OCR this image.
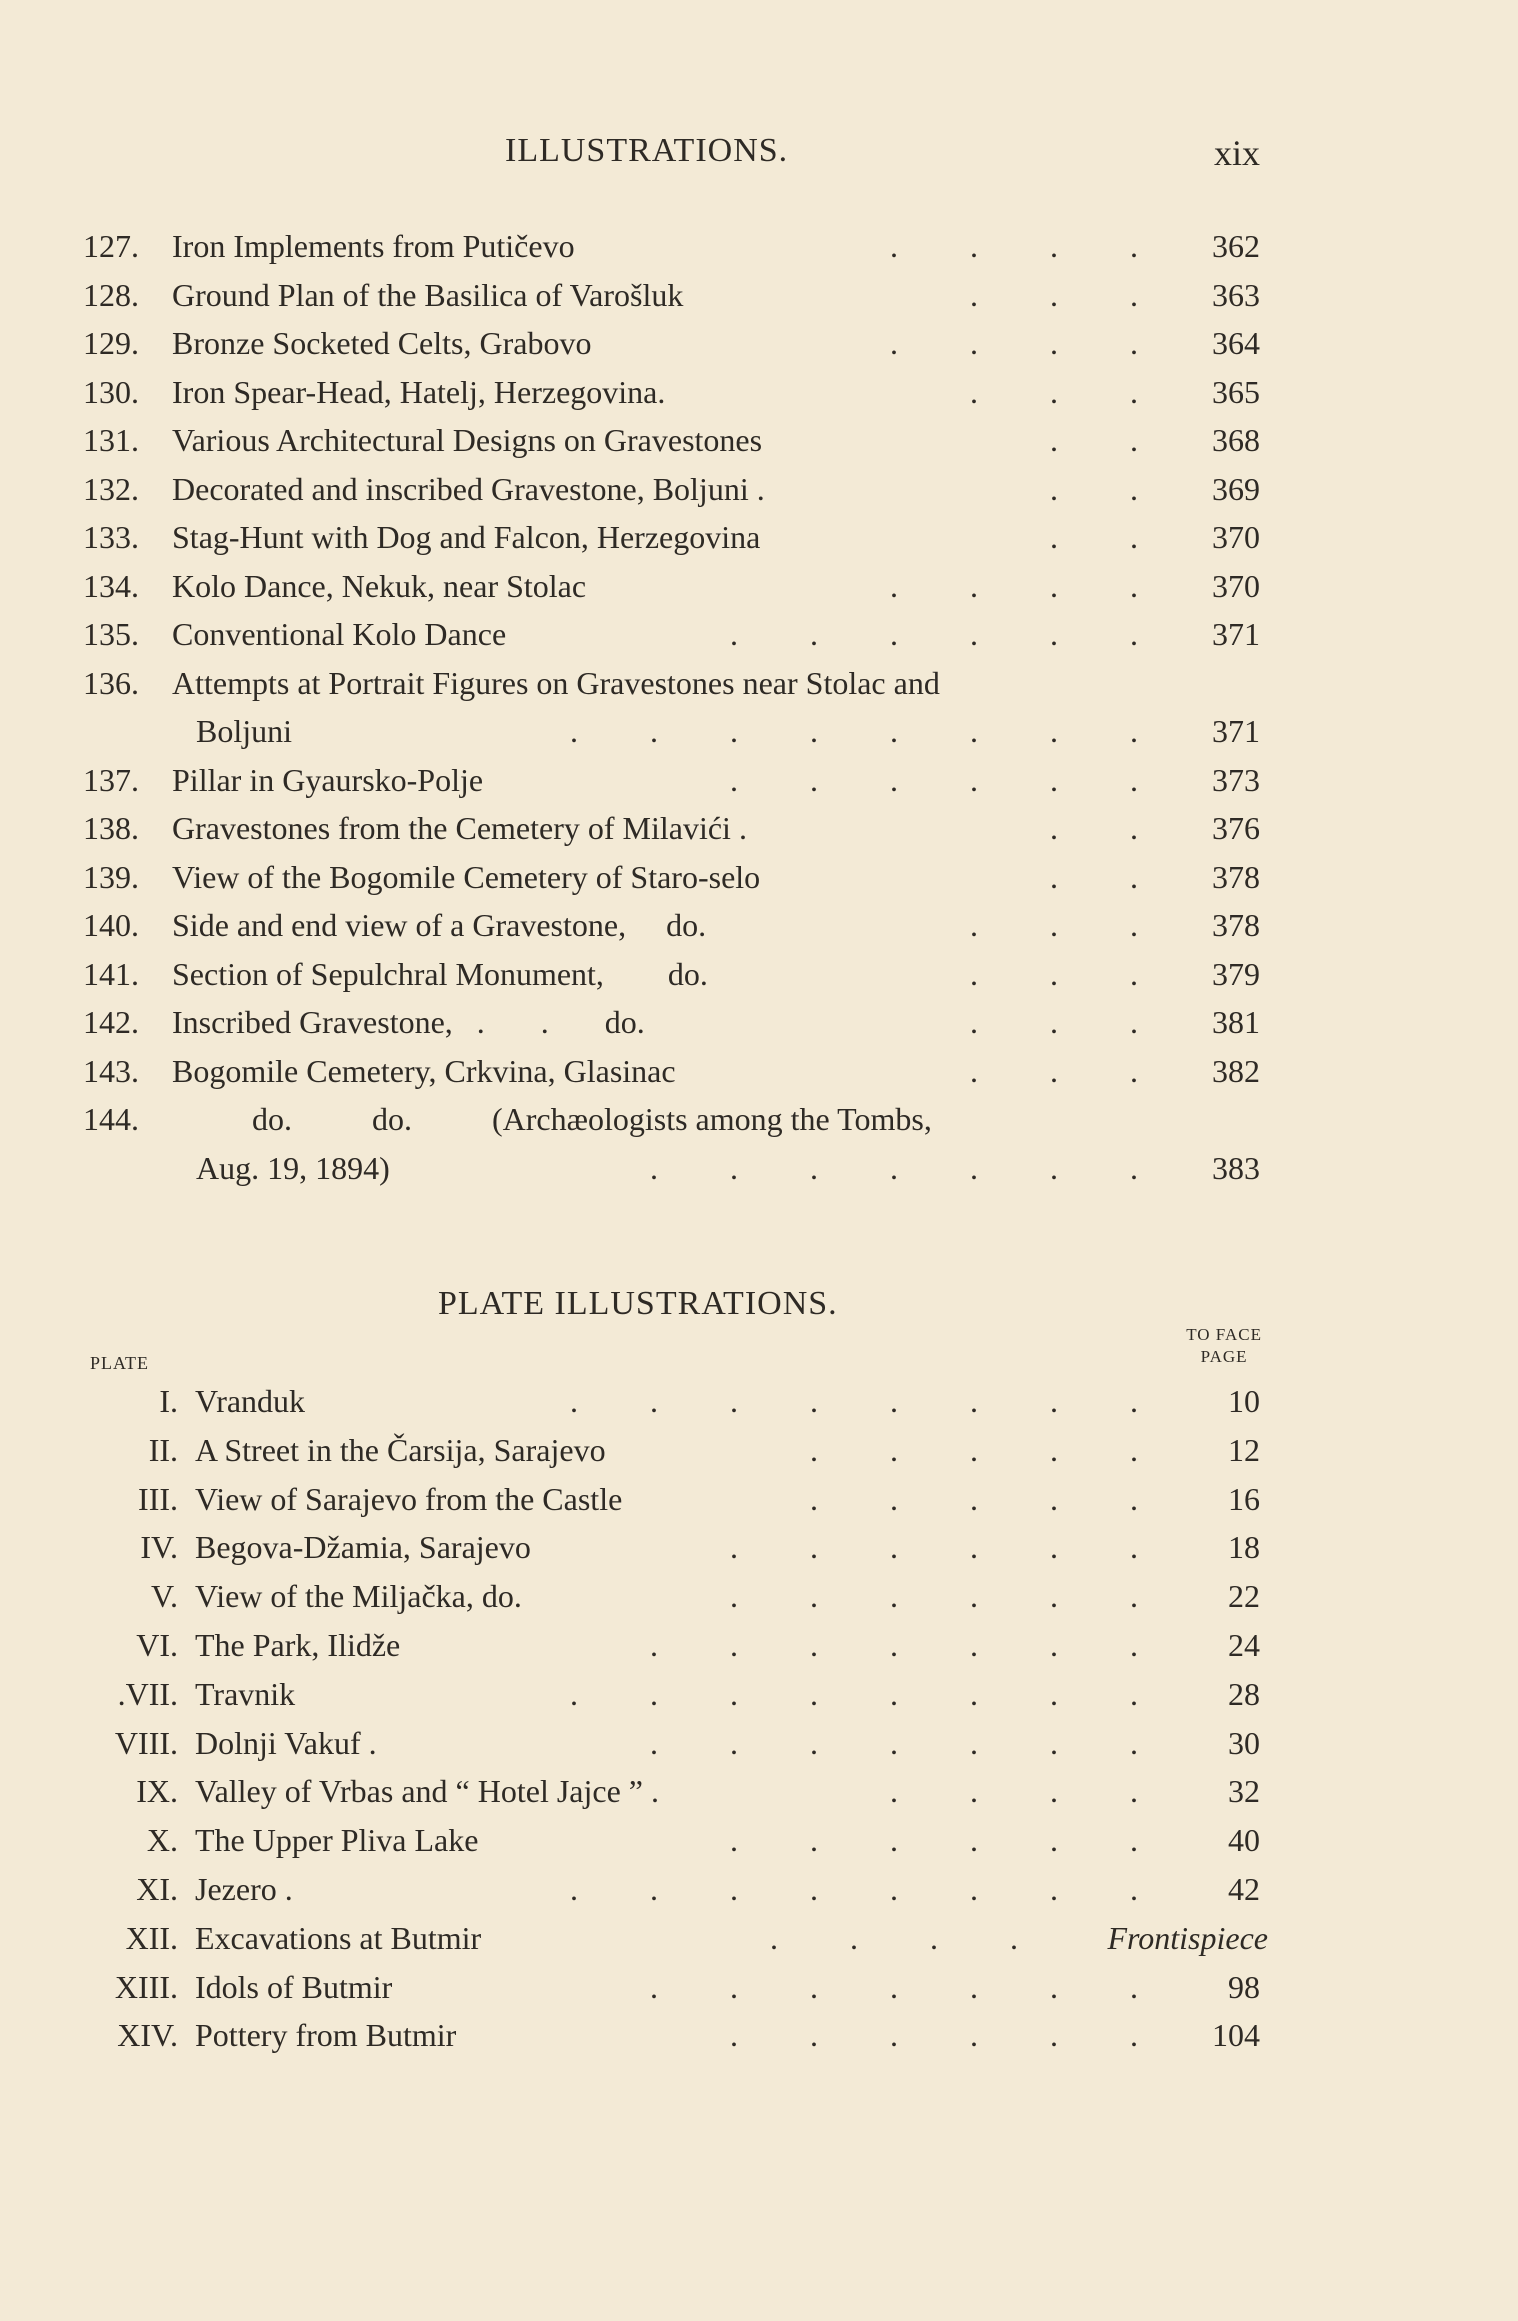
ILLUSTRATIONS.	xix
127. Iron Implements from Putičevo	. . . . 362
128. Ground Plan of the Basilica of Varošluk	. . . 363
129. Bronze Socketed Celts, Grabovo	. . . . 364
130. Iron Spear-Head, Hatelj, Herzegovina.	. . . 365
131. Various Architectural Designs on Gravestones	. . 368
132. Decorated and inscribed Gravestone, Boljuni .	. . 369
133. Stag-Hunt with Dog and Falcon, Herzegovina	. . 370
134. Kolo Dance, Nekuk, near Stolac	. . . . 370
135. Conventional Kolo Dance	. . . . . . 371
136. Attempts at Portrait Figures on Gravestones near Stolac and
Boljuni	. . . . . . . . 371
137. Pillar in Gyaursko-Polje	. . . . . . 373
138. Gravestones from the Cemetery of Milavići .	. . 376
139. View of the Bogomile Cemetery of Staro-selo	. . 378
140. Side and end view of a Gravestone,     do.	. . . 378
141. Section of Sepulchral Monument,        do.	. . . 379
142. Inscribed Gravestone,   .       .       do.	. . . 381
143. Bogomile Cemetery, Crkvina, Glasinac	. . . 382
144. do.          do.          (Archæologists among the Tombs,
Aug. 19, 1894)	. . . . . . . 383
PLATE ILLUSTRATIONS.
PLATE
TO FACE
PAGE
I. Vranduk	. . . . . . . .	10
II. A Street in the Čarsija, Sarajevo	. . . . .	12
III. View of Sarajevo from the Castle	. . . . .	16
IV. Begova-Džamia, Sarajevo	. . . . . .	18
V. View of the Miljačka, do.	. . . . . .	22
VI. The Park, Ilidže	. . . . . . .	24
.VII. Travnik	. . . . . . . .	28
VIII. Dolnji Vakuf .	. . . . . . .	30
IX. Valley of Vrbas and “ Hotel Jajce ” .	. . . .	32
X. The Upper Pliva Lake	. . . . . .	40
XI. Jezero .	. . . . . . . .	42
XII. Excavations at Butmir	. . . .	Frontispiece
XIII. Idols of Butmir	. . . . . . .	98
XIV. Pottery from Butmir	. . . . . . 104
